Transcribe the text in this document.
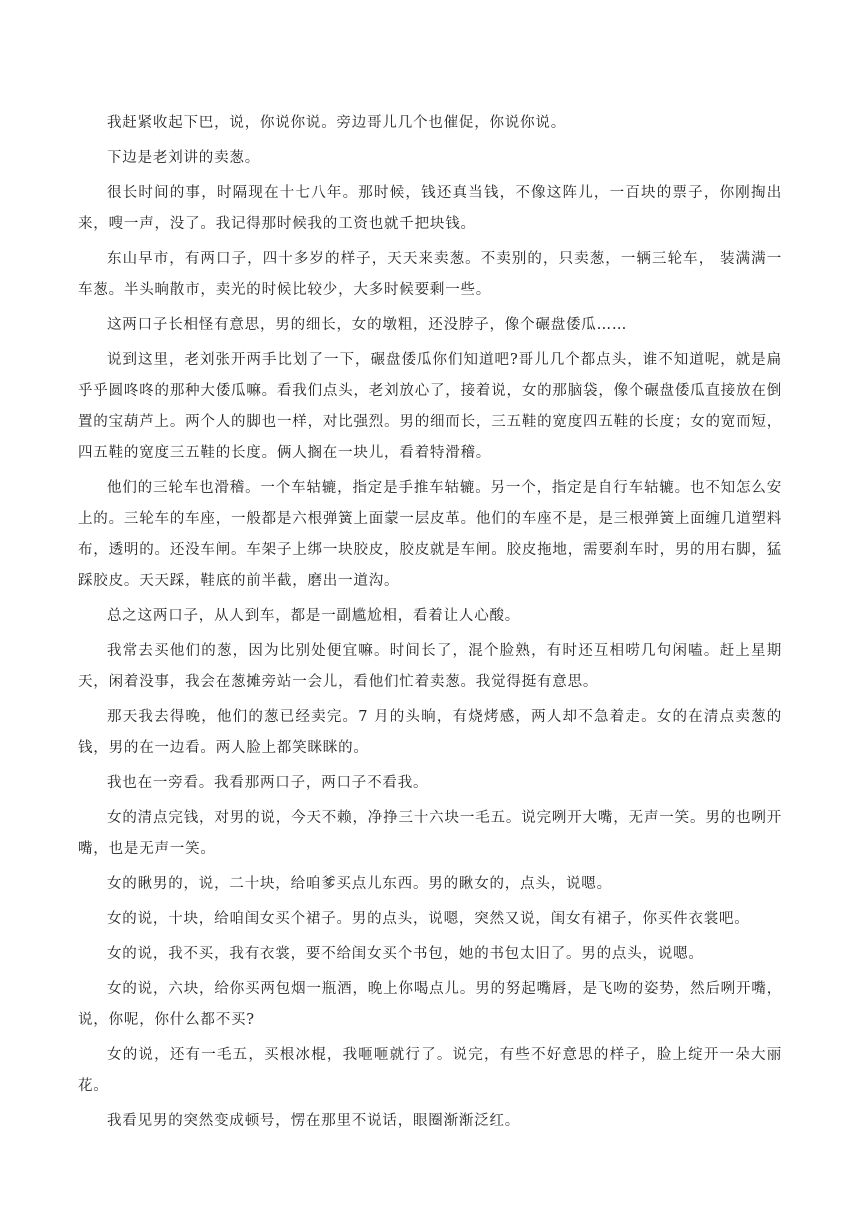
我赶紧收起下巴，说，你说你说。旁边哥儿几个也催促，你说你说。

下边是老刘讲的卖葱。

很长时间的事，时隔现在十七八年。那时候，钱还真当钱，不像这阵儿，一百块的票子，你刚掏出来，嗖一声，没了。我记得那时候我的工资也就千把块钱。

东山早市，有两口子，四十多岁的样子，天天来卖葱。不卖别的，只卖葱，一辆三轮车， 装满满一车葱。半头晌散市，卖光的时候比较少，大多时候要剩一些。

这两口子长相怪有意思，男的细长，女的墩粗，还没脖子，像个碾盘倭瓜……

说到这里，老刘张开两手比划了一下，碾盘倭瓜你们知道吧?哥儿几个都点头，谁不知道呢，就是扁乎乎圆咚咚的那种大倭瓜嘛。看我们点头，老刘放心了，接着说，女的那脑袋，像个碾盘倭瓜直接放在倒置的宝葫芦上。两个人的脚也一样，对比强烈。男的细而长，三五鞋的宽度四五鞋的长度；女的宽而短，四五鞋的宽度三五鞋的长度。俩人搁在一块儿，看着特滑稽。

他们的三轮车也滑稽。一个车轱辘，指定是手推车轱辘。另一个，指定是自行车轱辘。也不知怎么安上的。三轮车的车座，一般都是六根弹簧上面蒙一层皮革。他们的车座不是，是三根弹簧上面缠几道塑料布，透明的。还没车闸。车架子上绑一块胶皮，胶皮就是车闸。胶皮拖地，需要刹车时，男的用右脚，猛踩胶皮。天天踩，鞋底的前半截，磨出一道沟。

总之这两口子，从人到车，都是一副尴尬相，看着让人心酸。

我常去买他们的葱，因为比别处便宜嘛。时间长了，混个脸熟，有时还互相唠几句闲嗑。赶上星期天，闲着没事，我会在葱摊旁站一会儿，看他们忙着卖葱。我觉得挺有意思。

那天我去得晚，他们的葱已经卖完。7 月的头晌，有烧烤感，两人却不急着走。女的在清点卖葱的钱，男的在一边看。两人脸上都笑眯眯的。

我也在一旁看。我看那两口子，两口子不看我。

女的清点完钱，对男的说，今天不赖，净挣三十六块一毛五。说完咧开大嘴，无声一笑。男的也咧开嘴，也是无声一笑。

女的瞅男的，说，二十块，给咱爹买点儿东西。男的瞅女的，点头，说嗯。

女的说，十块，给咱闺女买个裙子。男的点头，说嗯，突然又说，闺女有裙子，你买件衣裳吧。

女的说，我不买，我有衣裳，要不给闺女买个书包，她的书包太旧了。男的点头，说嗯。

女的说，六块，给你买两包烟一瓶酒，晚上你喝点儿。男的努起嘴唇，是飞吻的姿势，然后咧开嘴，说，你呢，你什么都不买?

女的说，还有一毛五，买根冰棍，我咂咂就行了。说完，有些不好意思的样子，脸上绽开一朵大丽花。

我看见男的突然变成顿号，愣在那里不说话，眼圈渐渐泛红。
